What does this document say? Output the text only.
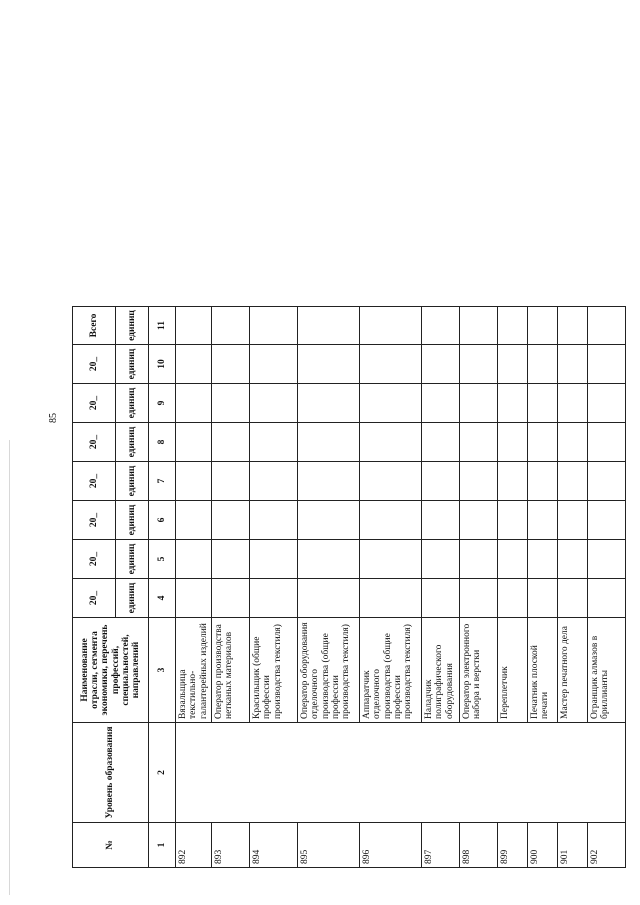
85
№	Уровень образования	Наименование отрасли, сегмента экономики, перечень профессий, специальностей, направлений	20_	20_	20_	20_	20_	20_	20_	Всего
			единиц	единиц	единиц	единиц	единиц	единиц	единиц	единиц
1	2	3	4	5	6	7	8	9	10	11
892		Вязальщица текстильно-галантерейных изделий								
893		Оператор производства нетканых материалов								
894		Красильщик (общие профессии производства текстиля)								
895		Оператор оборудования отделочного производства (общие профессии производства текстиля)								
896		Аппаратчик отделочного производства (общие профессии производства текстиля)								
897		Наладчик полиграфического оборудования								
898		Оператор электронного набора и верстки								
899		Переплетчик								
900		Печатник плоской печати								
901		Мастер печатного дела								
902		Огранщик алмазов в бриллианты								
